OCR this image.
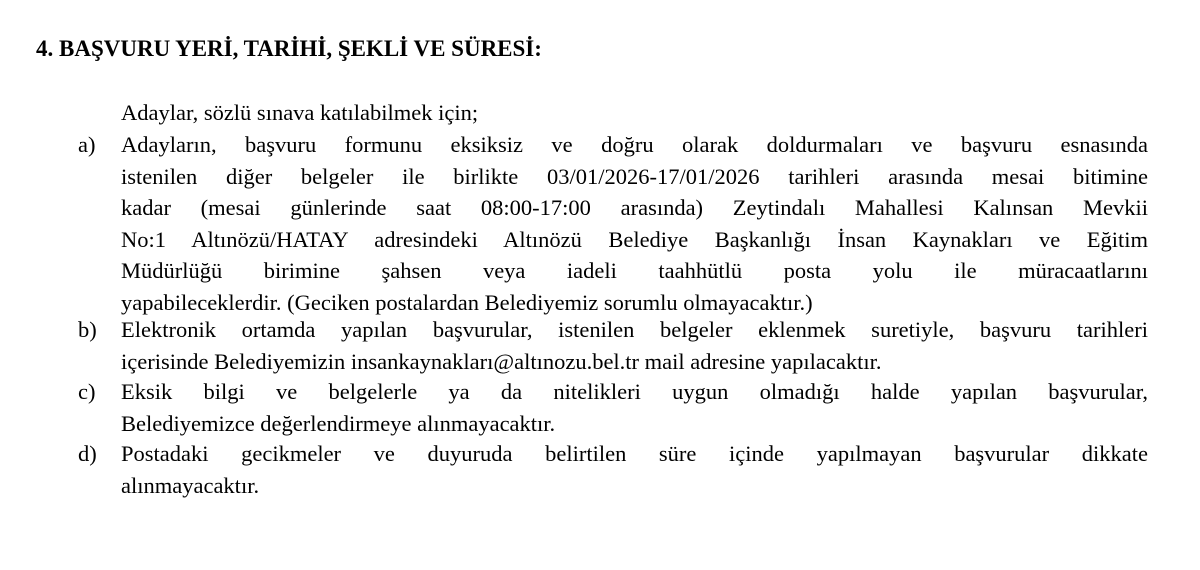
4. BAŞVURU YERİ, TARİHİ, ŞEKLİ VE SÜRESİ:

Adaylar, sözlü sınava katılabilmek için;

a) Adayların, başvuru formunu eksiksiz ve doğru olarak doldurmaları ve başvuru esnasında
istenilen diğer belgeler ile birlikte 03/01/2026-17/01/2026 tarihleri arasında mesai bitimine
kadar (mesai günlerinde saat 08:00-17:00 arasında) Zeytindalı Mahallesi Kalınsan Mevkii
No:1 Altınözü/HATAY adresindeki Altınözü Belediye Başkanlığı İnsan Kaynakları ve Eğitim
Müdürlüğü birimine şahsen veya iadeli taahhütlü posta yolu ile müracaatlarını
yapabileceklerdir. (Geciken postalardan Belediyemiz sorumlu olmayacaktır.)

b) Elektronik ortamda yapılan başvurular, istenilen belgeler eklenmek suretiyle, başvuru tarihleri
içerisinde Belediyemizin insankaynakları@altınozu.bel.tr mail adresine yapılacaktır.

c) Eksik bilgi ve belgelerle ya da nitelikleri uygun olmadığı halde yapılan başvurular,
Belediyemizce değerlendirmeye alınmayacaktır.

d) Postadaki gecikmeler ve duyuruda belirtilen süre içinde yapılmayan başvurular dikkate
alınmayacaktır.
